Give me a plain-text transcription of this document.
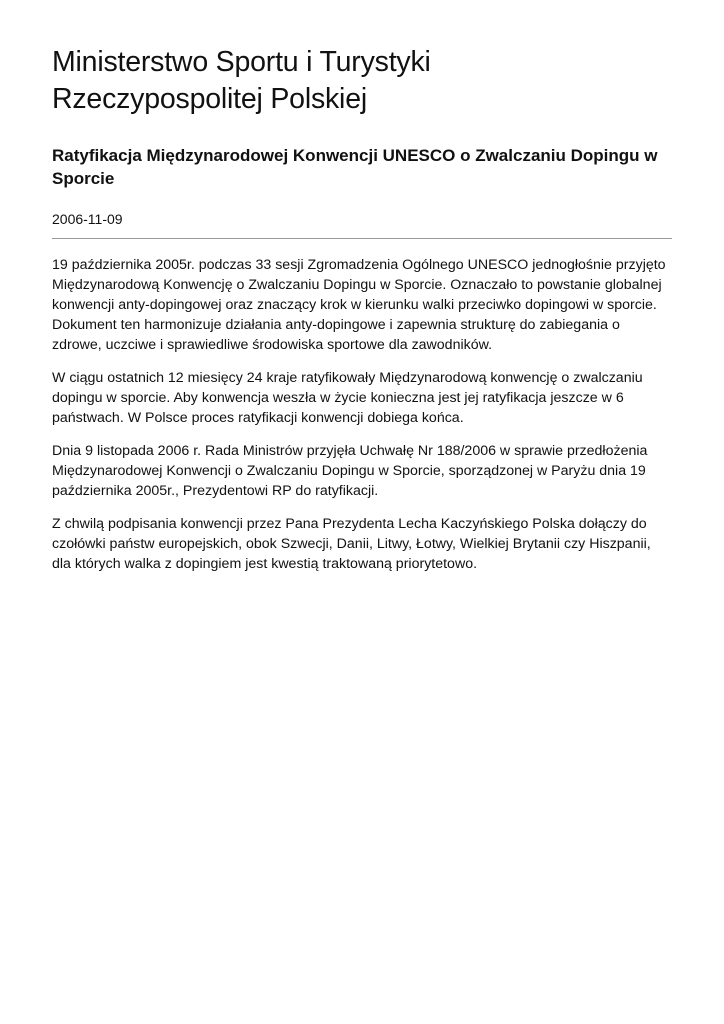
Ministerstwo Sportu i Turystyki
Rzeczypospolitej Polskiej
Ratyfikacja Międzynarodowej Konwencji UNESCO o Zwalczaniu Dopingu w Sporcie
2006-11-09

19 października 2005r. podczas 33 sesji Zgromadzenia Ogólnego UNESCO jednogłośnie przyjęto Międzynarodową Konwencję o Zwalczaniu Dopingu w Sporcie. Oznaczało to powstanie globalnej konwencji anty-dopingowej oraz znaczący krok w kierunku walki przeciwko dopingowi w sporcie. Dokument ten harmonizuje działania anty-dopingowe i zapewnia strukturę do zabiegania o zdrowe, uczciwe i sprawiedliwe środowiska sportowe dla zawodników.

W ciągu ostatnich 12 miesięcy 24 kraje ratyfikowały Międzynarodową konwencję o zwalczaniu dopingu w sporcie. Aby konwencja weszła w życie konieczna jest jej ratyfikacja jeszcze w 6 państwach. W Polsce proces ratyfikacji konwencji dobiega końca.

Dnia 9 listopada 2006 r. Rada Ministrów przyjęła Uchwałę Nr 188/2006 w sprawie przedłożenia Międzynarodowej Konwencji o Zwalczaniu Dopingu w Sporcie, sporządzonej w Paryżu dnia 19 października 2005r., Prezydentowi RP do ratyfikacji.

Z chwilą podpisania konwencji przez Pana Prezydenta Lecha Kaczyńskiego Polska dołączy do czołówki państw europejskich, obok Szwecji, Danii, Litwy, Łotwy, Wielkiej Brytanii czy Hiszpanii, dla których walka z dopingiem jest kwestią traktowaną priorytetowo.
